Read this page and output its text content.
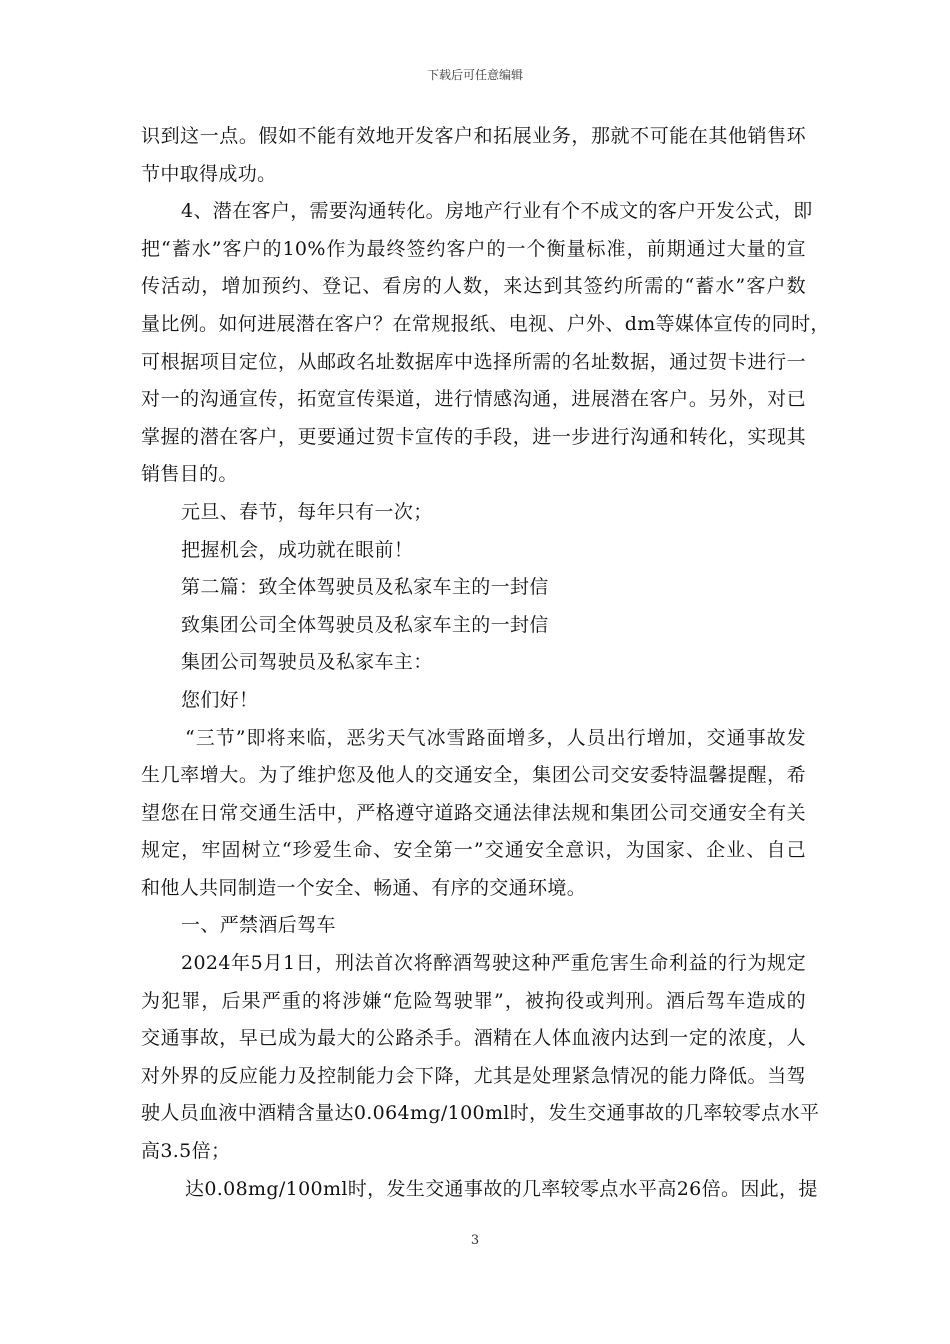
下载后可任意编辑
识到这一点。假如不能有效地开发客户和拓展业务，那就不可能在其他销售环
节中取得成功。
4、潜在客户，需要沟通转化。房地产行业有个不成文的客户开发公式，即
把“蓄水”客户的10%作为最终签约客户的一个衡量标准，前期通过大量的宣
传活动，增加预约、登记、看房的人数，来达到其签约所需的“蓄水”客户数
量比例。如何进展潜在客户？在常规报纸、电视、户外、dm等媒体宣传的同时，
可根据项目定位，从邮政名址数据库中选择所需的名址数据，通过贺卡进行一
对一的沟通宣传，拓宽宣传渠道，进行情感沟通，进展潜在客户。另外，对已
掌握的潜在客户，更要通过贺卡宣传的手段，进一步进行沟通和转化，实现其
销售目的。
元旦、春节，每年只有一次；
把握机会，成功就在眼前！
第二篇：致全体驾驶员及私家车主的一封信
致集团公司全体驾驶员及私家车主的一封信
集团公司驾驶员及私家车主：
您们好！
“三节”即将来临，恶劣天气冰雪路面增多，人员出行增加，交通事故发
生几率增大。为了维护您及他人的交通安全，集团公司交安委特温馨提醒，希
望您在日常交通生活中，严格遵守道路交通法律法规和集团公司交通安全有关
规定，牢固树立“珍爱生命、安全第一”交通安全意识，为国家、企业、自己
和他人共同制造一个安全、畅通、有序的交通环境。
一、严禁酒后驾车
2024年5月1日，刑法首次将醉酒驾驶这种严重危害生命利益的行为规定
为犯罪，后果严重的将涉嫌“危险驾驶罪”，被拘役或判刑。酒后驾车造成的
交通事故，早已成为最大的公路杀手。酒精在人体血液内达到一定的浓度，人
对外界的反应能力及控制能力会下降，尤其是处理紧急情况的能力降低。当驾
驶人员血液中酒精含量达0.064mg/100ml时，发生交通事故的几率较零点水平
高3.5倍；
达0.08mg/100ml时，发生交通事故的几率较零点水平高26倍。因此，提
3
